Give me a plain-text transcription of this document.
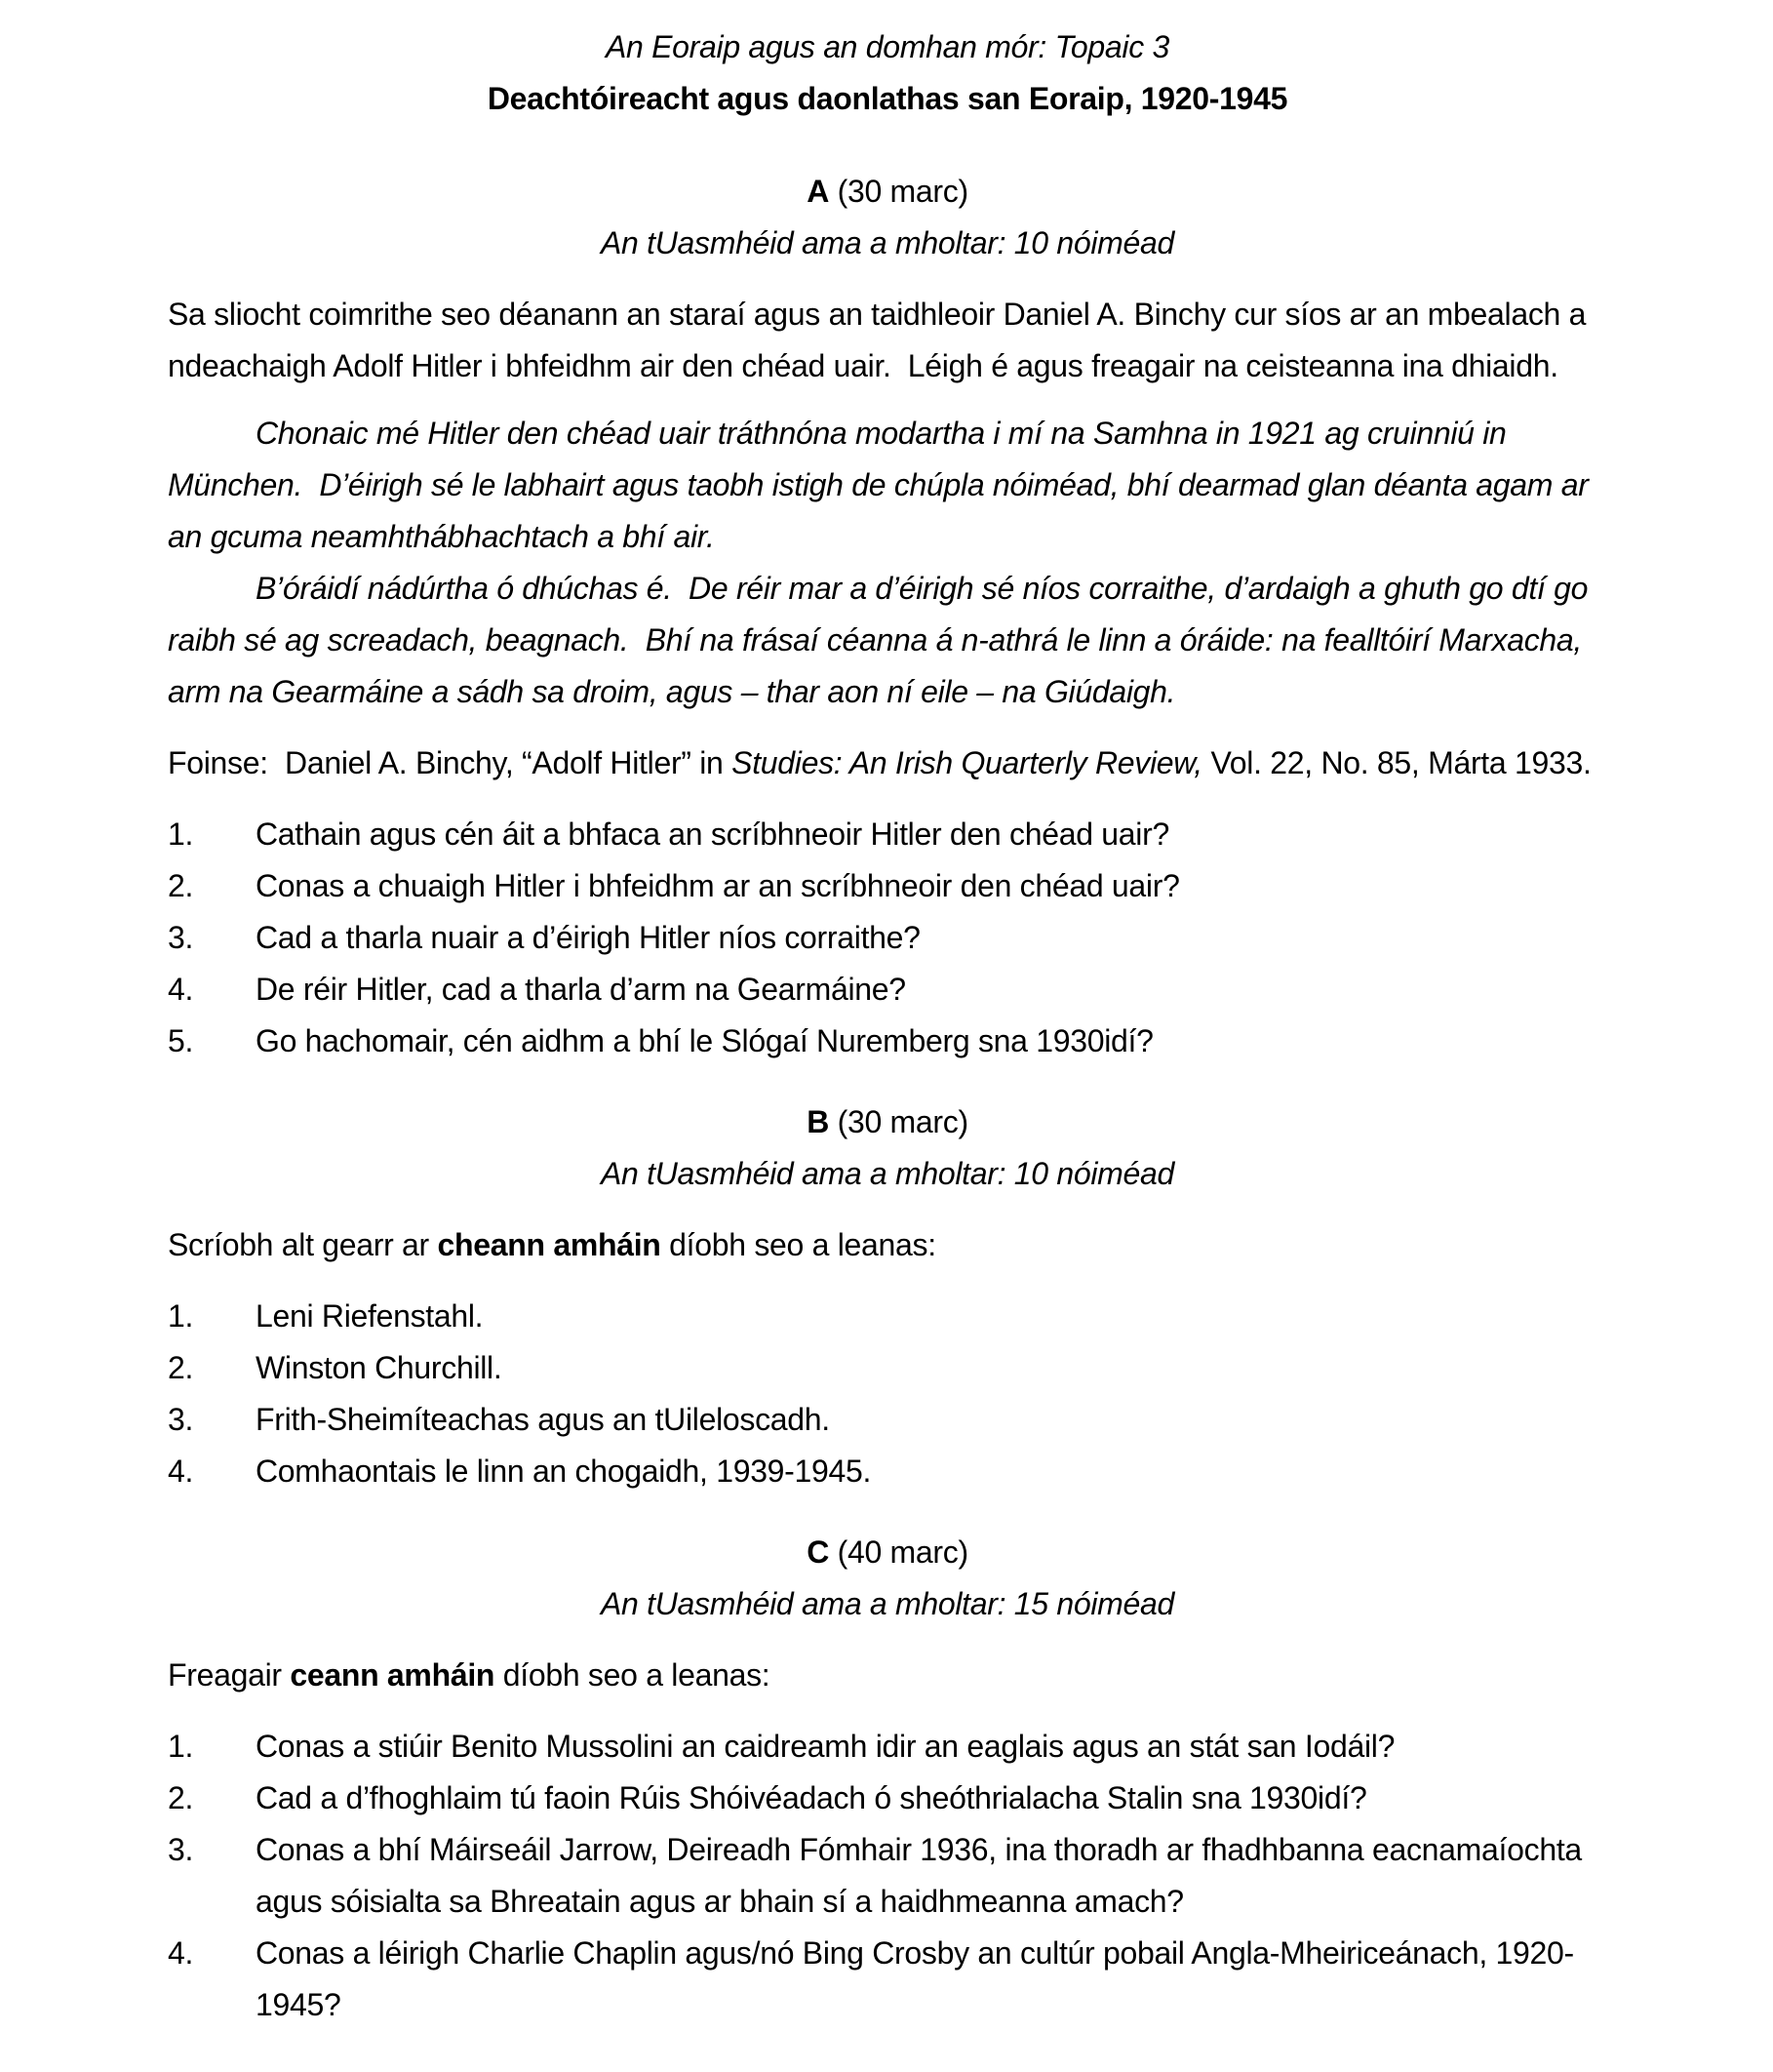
An Eoraip agus an domhan mór: Topaic 3

Deachtóireacht agus daonlathas san Eoraip, 1920-1945

A (30 marc)

An tUasmhéid ama a mholtar: 10 nóiméad

Sa sliocht coimrithe seo déanann an staraí agus an taidhleoir Daniel A. Binchy cur síos ar an mbealach a ndeachaigh Adolf Hitler i bhfeidhm air den chéad uair.  Léigh é agus freagair na ceisteanna ina dhiaidh.

Chonaic mé Hitler den chéad uair tráthnóna modartha i mí na Samhna in 1921 ag cruinniú in München.  D’éirigh sé le labhairt agus taobh istigh de chúpla nóiméad, bhí dearmad glan déanta agam ar an gcuma neamhthábhachtach a bhí air.

B’óráidí nádúrtha ó dhúchas é.  De réir mar a d’éirigh sé níos corraithe, d’ardaigh a ghuth go dtí go raibh sé ag screadach, beagnach.  Bhí na frásaí céanna á n-athrá le linn a óráide: na fealltóirí Marxacha, arm na Gearmáine a sádh sa droim, agus – thar aon ní eile – na Giúdaigh.

Foinse:  Daniel A. Binchy, “Adolf Hitler” in Studies: An Irish Quarterly Review, Vol. 22, No. 85, Márta 1933.

1.	Cathain agus cén áit a bhfaca an scríbhneoir Hitler den chéad uair?
2.	Conas a chuaigh Hitler i bhfeidhm ar an scríbhneoir den chéad uair?
3.	Cad a tharla nuair a d’éirigh Hitler níos corraithe?
4.	De réir Hitler, cad a tharla d’arm na Gearmáine?
5.	Go hachomair, cén aidhm a bhí le Slógaí Nuremberg sna 1930idí?

B (30 marc)

An tUasmhéid ama a mholtar: 10 nóiméad

Scríobh alt gearr ar cheann amháin díobh seo a leanas:

1.	Leni Riefenstahl.
2.	Winston Churchill.
3.	Frith-Sheimíteachas agus an tUileloscadh.
4.	Comhaontais le linn an chogaidh, 1939-1945.

C (40 marc)

An tUasmhéid ama a mholtar: 15 nóiméad

Freagair ceann amháin díobh seo a leanas:

1.	Conas a stiúir Benito Mussolini an caidreamh idir an eaglais agus an stát san Iodáil?
2.	Cad a d’fhoghlaim tú faoin Rúis Shóivéadach ó sheóthrialacha Stalin sna 1930idí?
3.	Conas a bhí Máirseáil Jarrow, Deireadh Fómhair 1936, ina thoradh ar fhadhbanna eacnamaíochta agus sóisialta sa Bhreatain agus ar bhain sí a haidhmeanna amach?
4.	Conas a léirigh Charlie Chaplin agus/nó Bing Crosby an cultúr pobail Angla-Mheiriceánach, 1920-1945?
